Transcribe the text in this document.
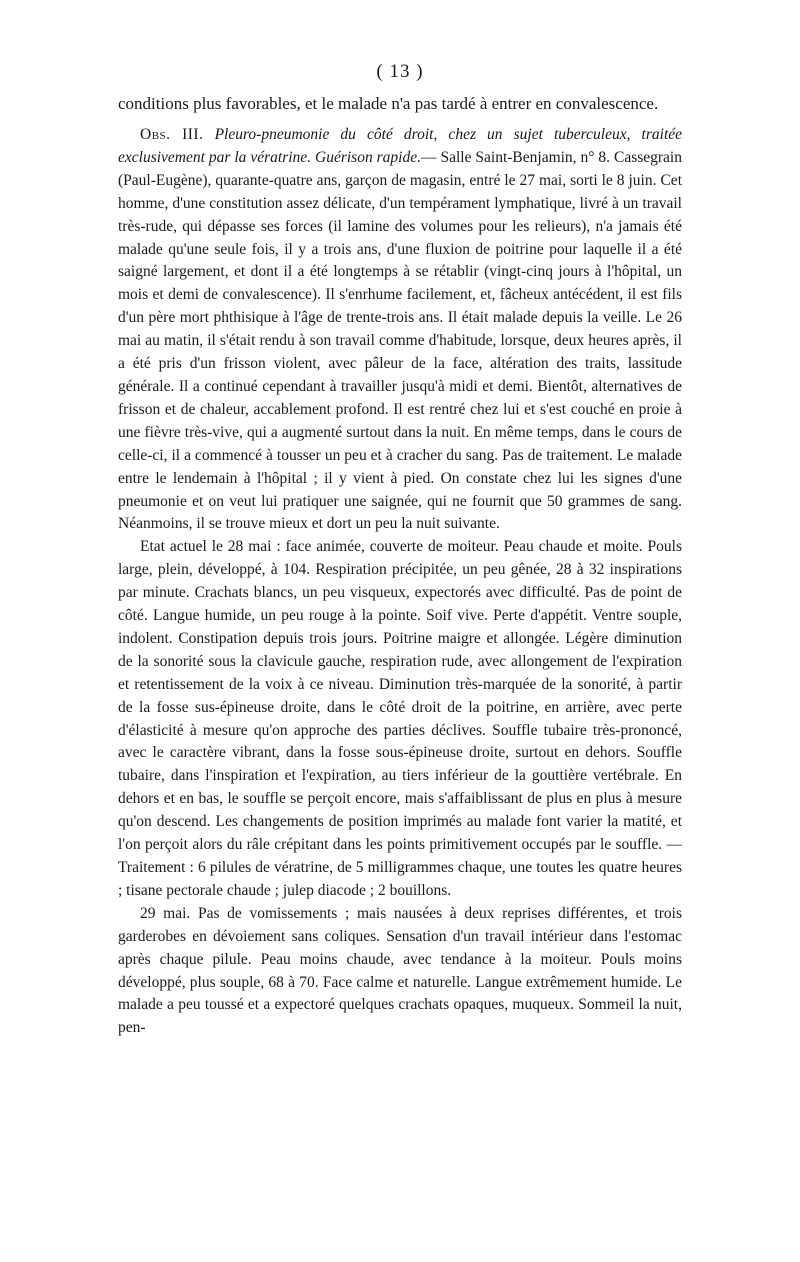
( 13 )

conditions plus favorables, et le malade n'a pas tardé à entrer en convalescence.

Obs. III. Pleuro-pneumonie du côté droit, chez un sujet tuberculeux, traitée exclusivement par la vératrine. Guérison rapide.— Salle Saint-Benjamin, n° 8. Cassegrain (Paul-Eugène), quarante-quatre ans, garçon de magasin, entré le 27 mai, sorti le 8 juin. Cet homme, d'une constitution assez délicate, d'un tempérament lymphatique, livré à un travail très-rude, qui dépasse ses forces (il lamine des volumes pour les relieurs), n'a jamais été malade qu'une seule fois, il y a trois ans, d'une fluxion de poitrine pour laquelle il a été saigné largement, et dont il a été longtemps à se rétablir (vingt-cinq jours à l'hôpital, un mois et demi de convalescence). Il s'enrhume facilement, et, fâcheux antécédent, il est fils d'un père mort phthisique à l'âge de trente-trois ans. Il était malade depuis la veille. Le 26 mai au matin, il s'était rendu à son travail comme d'habitude, lorsque, deux heures après, il a été pris d'un frisson violent, avec pâleur de la face, altération des traits, lassitude générale. Il a continué cependant à travailler jusqu'à midi et demi. Bientôt, alternatives de frisson et de chaleur, accablement profond. Il est rentré chez lui et s'est couché en proie à une fièvre très-vive, qui a augmenté surtout dans la nuit. En même temps, dans le cours de celle-ci, il a commencé à tousser un peu et à cracher du sang. Pas de traitement. Le malade entre le lendemain à l'hôpital ; il y vient à pied. On constate chez lui les signes d'une pneumonie et on veut lui pratiquer une saignée, qui ne fournit que 50 grammes de sang. Néanmoins, il se trouve mieux et dort un peu la nuit suivante.

Etat actuel le 28 mai : face animée, couverte de moiteur. Peau chaude et moite. Pouls large, plein, développé, à 104. Respiration précipitée, un peu gênée, 28 à 32 inspirations par minute. Crachats blancs, un peu visqueux, expectorés avec difficulté. Pas de point de côté. Langue humide, un peu rouge à la pointe. Soif vive. Perte d'appétit. Ventre souple, indolent. Constipation depuis trois jours. Poitrine maigre et allongée. Légère diminution de la sonorité sous la clavicule gauche, respiration rude, avec allongement de l'expiration et retentissement de la voix à ce niveau. Diminution très-marquée de la sonorité, à partir de la fosse sus-épineuse droite, dans le côté droit de la poitrine, en arrière, avec perte d'élasticité à mesure qu'on approche des parties déclives. Souffle tubaire très-prononcé, avec le caractère vibrant, dans la fosse sous-épineuse droite, surtout en dehors. Souffle tubaire, dans l'inspiration et l'expiration, au tiers inférieur de la gouttière vertébrale. En dehors et en bas, le souffle se perçoit encore, mais s'affaiblissant de plus en plus à mesure qu'on descend. Les changements de position imprimés au malade font varier la matité, et l'on perçoit alors du râle crépitant dans les points primitivement occupés par le souffle. — Traitement : 6 pilules de vératrine, de 5 milligrammes chaque, une toutes les quatre heures ; tisane pectorale chaude ; julep diacode ; 2 bouillons.

29 mai. Pas de vomissements ; mais nausées à deux reprises différentes, et trois garderobes en dévoiement sans coliques. Sensation d'un travail intérieur dans l'estomac après chaque pilule. Peau moins chaude, avec tendance à la moiteur. Pouls moins développé, plus souple, 68 à 70. Face calme et naturelle. Langue extrêmement humide. Le malade a peu toussé et a expectoré quelques crachats opaques, muqueux. Sommeil la nuit, pen-
